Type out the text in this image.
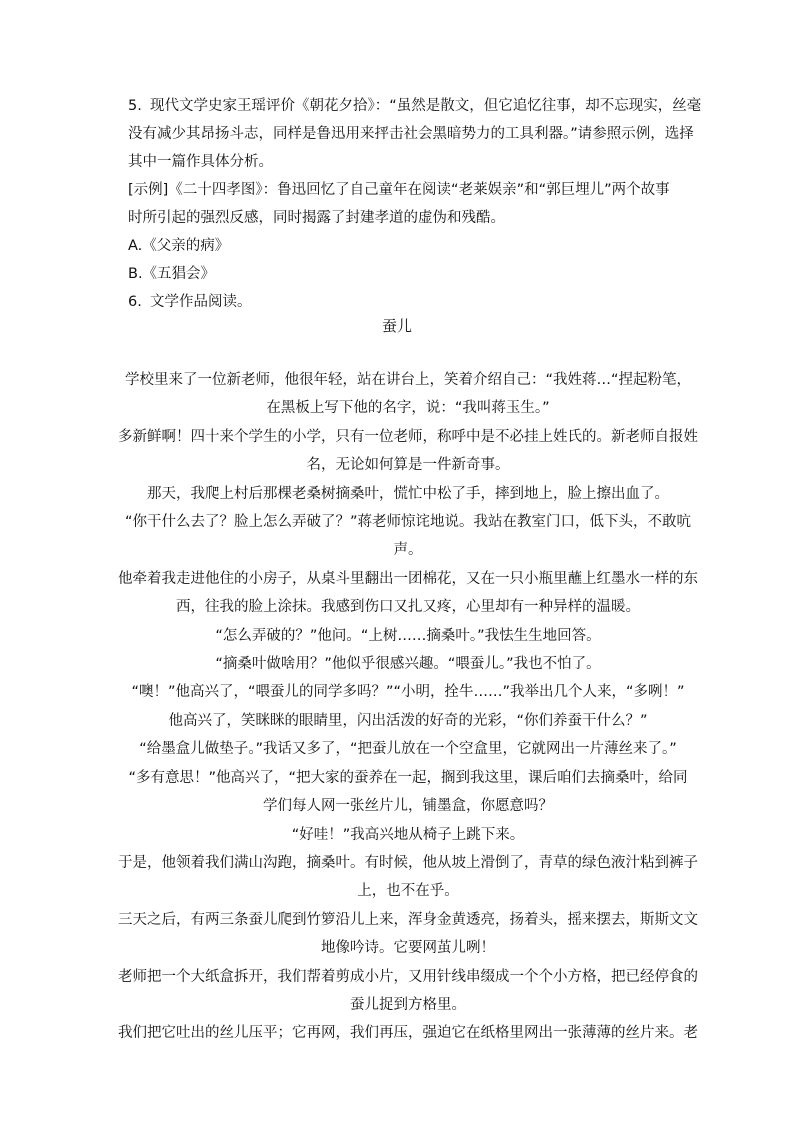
5. 现代文学史家王瑶评价《朝花夕拾》：“虽然是散文，但它追忆往事，却不忘现实，丝毫

没有减少其昂扬斗志，同样是鲁迅用来抨击社会黑暗势力的工具利器。”请参照示例，选择

其中一篇作具体分析。

[示例]《二十四孝图》：鲁迅回忆了自己童年在阅读“老莱娱亲”和“郭巨埋儿”两个故事

时所引起的强烈反感，同时揭露了封建孝道的虚伪和残酷。

A.《父亲的病》

B.《五猖会》

6. 文学作品阅读。

蚕儿

学校里来了一位新老师，他很年轻，站在讲台上，笑着介绍自己：“我姓蒋…“捏起粉笔，

在黑板上写下他的名字，说：“我叫蒋玉生。”

多新鲜啊！四十来个学生的小学，只有一位老师，称呼中是不必挂上姓氏的。新老师自报姓

名，无论如何算是一件新奇事。

那天，我爬上村后那棵老桑树摘桑叶，慌忙中松了手，摔到地上，脸上擦出血了。

“你干什么去了？脸上怎么弄破了？”蒋老师惊诧地说。我站在教室门口，低下头，不敢吭

声。

他牵着我走进他住的小房子，从桌斗里翻出一团棉花，又在一只小瓶里蘸上红墨水一样的东

西，往我的脸上涂抹。我感到伤口又扎又疼，心里却有一种异样的温暖。

“怎么弄破的？”他问。“上树……摘桑叶。”我怯生生地回答。

“摘桑叶做啥用？”他似乎很感兴趣。“喂蚕儿。”我也不怕了。

“噢！”他高兴了，“喂蚕儿的同学多吗？”“小明，拴牛……”我举出几个人来，“多咧！”

他高兴了，笑眯眯的眼睛里，闪出活泼的好奇的光彩，“你们养蚕干什么？”

“给墨盒儿做垫子。”我话又多了，“把蚕儿放在一个空盒里，它就网出一片薄丝来了。”

“多有意思！”他高兴了，“把大家的蚕养在一起，搁到我这里，课后咱们去摘桑叶，给同

学们每人网一张丝片儿，铺墨盒，你愿意吗？

“好哇！”我高兴地从椅子上跳下来。

于是，他领着我们满山沟跑，摘桑叶。有时候，他从坡上滑倒了，青草的绿色液汁粘到裤子

上，也不在乎。

三天之后，有两三条蚕儿爬到竹箩沿儿上来，浑身金黄透亮，扬着头，摇来摆去，斯斯文文

地像吟诗。它要网茧儿咧！

老师把一个大纸盒拆开，我们帮着剪成小片，又用针线串缀成一个个小方格，把已经停食的

蚕儿捉到方格里。

我们把它吐出的丝儿压平；它再网，我们再压，强迫它在纸格里网出一张薄薄的丝片来。老
